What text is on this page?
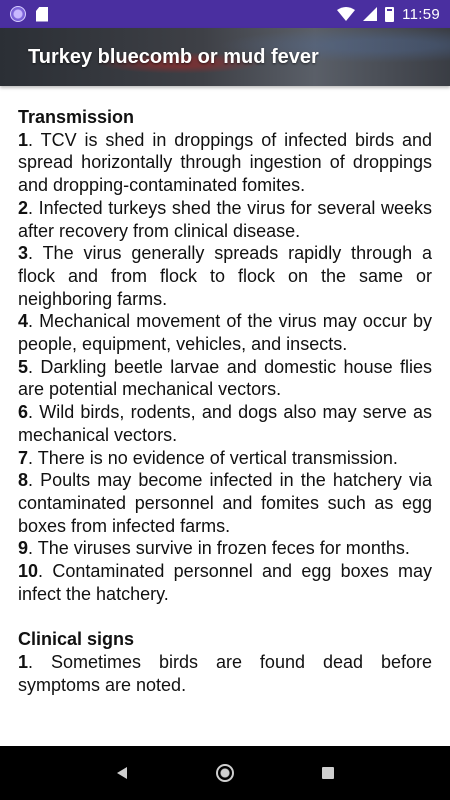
11:59
Turkey bluecomb or mud fever
Transmission
1. TCV is shed in droppings of infected birds and spread horizontally through ingestion of droppings and dropping-contaminated fomites.
2. Infected turkeys shed the virus for several weeks after recovery from clinical disease.
3. The virus generally spreads rapidly through a flock and from flock to flock on the same or neighboring farms.
4. Mechanical movement of the virus may occur by people, equipment, vehicles, and insects.
5. Darkling beetle larvae and domestic house flies are potential mechanical vectors.
6. Wild birds, rodents, and dogs also may serve as mechanical vectors.
7. There is no evidence of vertical transmission.
8. Poults may become infected in the hatchery via contaminated personnel and fomites such as egg boxes from infected farms.
9. The viruses survive in frozen feces for months.
10. Contaminated personnel and egg boxes may infect the hatchery.
Clinical signs
1. Sometimes birds are found dead before symptoms are noted.
